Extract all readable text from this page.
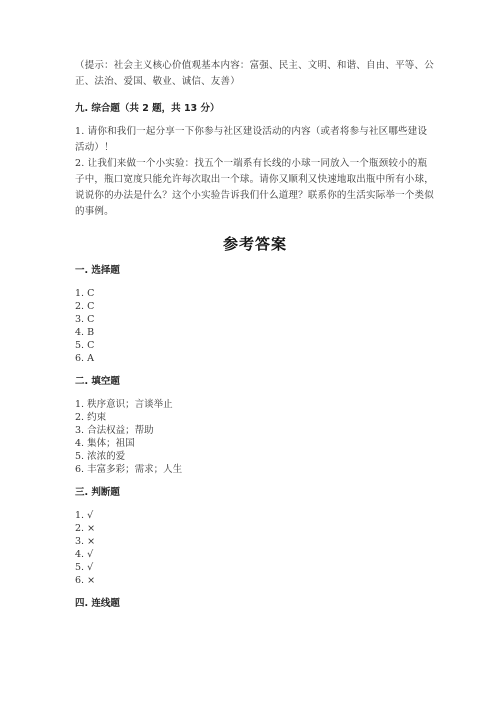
（提示：社会主义核心价值观基本内容：富强、民主、文明、和谐、自由、平等、公正、法治、爱国、敬业、诚信、友善）

九. 综合题（共 2 题，共 13 分）

1. 请你和我们一起分享一下你参与社区建设活动的内容（或者将参与社区哪些建设活动）！

2. 让我们来做一个小实验：找五个一端系有长线的小球一同放入一个瓶颈较小的瓶子中，瓶口宽度只能允许每次取出一个球。请你又顺利又快速地取出瓶中所有小球，说说你的办法是什么？这个小实验告诉我们什么道理？联系你的生活实际举一个类似的事例。

参考答案

一. 选择题

1. C
2. C
3. C
4. B
5. C
6. A

二. 填空题

1. 秩序意识；言谈举止
2. 约束
3. 合法权益；帮助
4. 集体；祖国
5. 浓浓的爱
6. 丰富多彩；需求；人生

三. 判断题

1. √
2. ×
3. ×
4. √
5. √
6. ×

四. 连线题
